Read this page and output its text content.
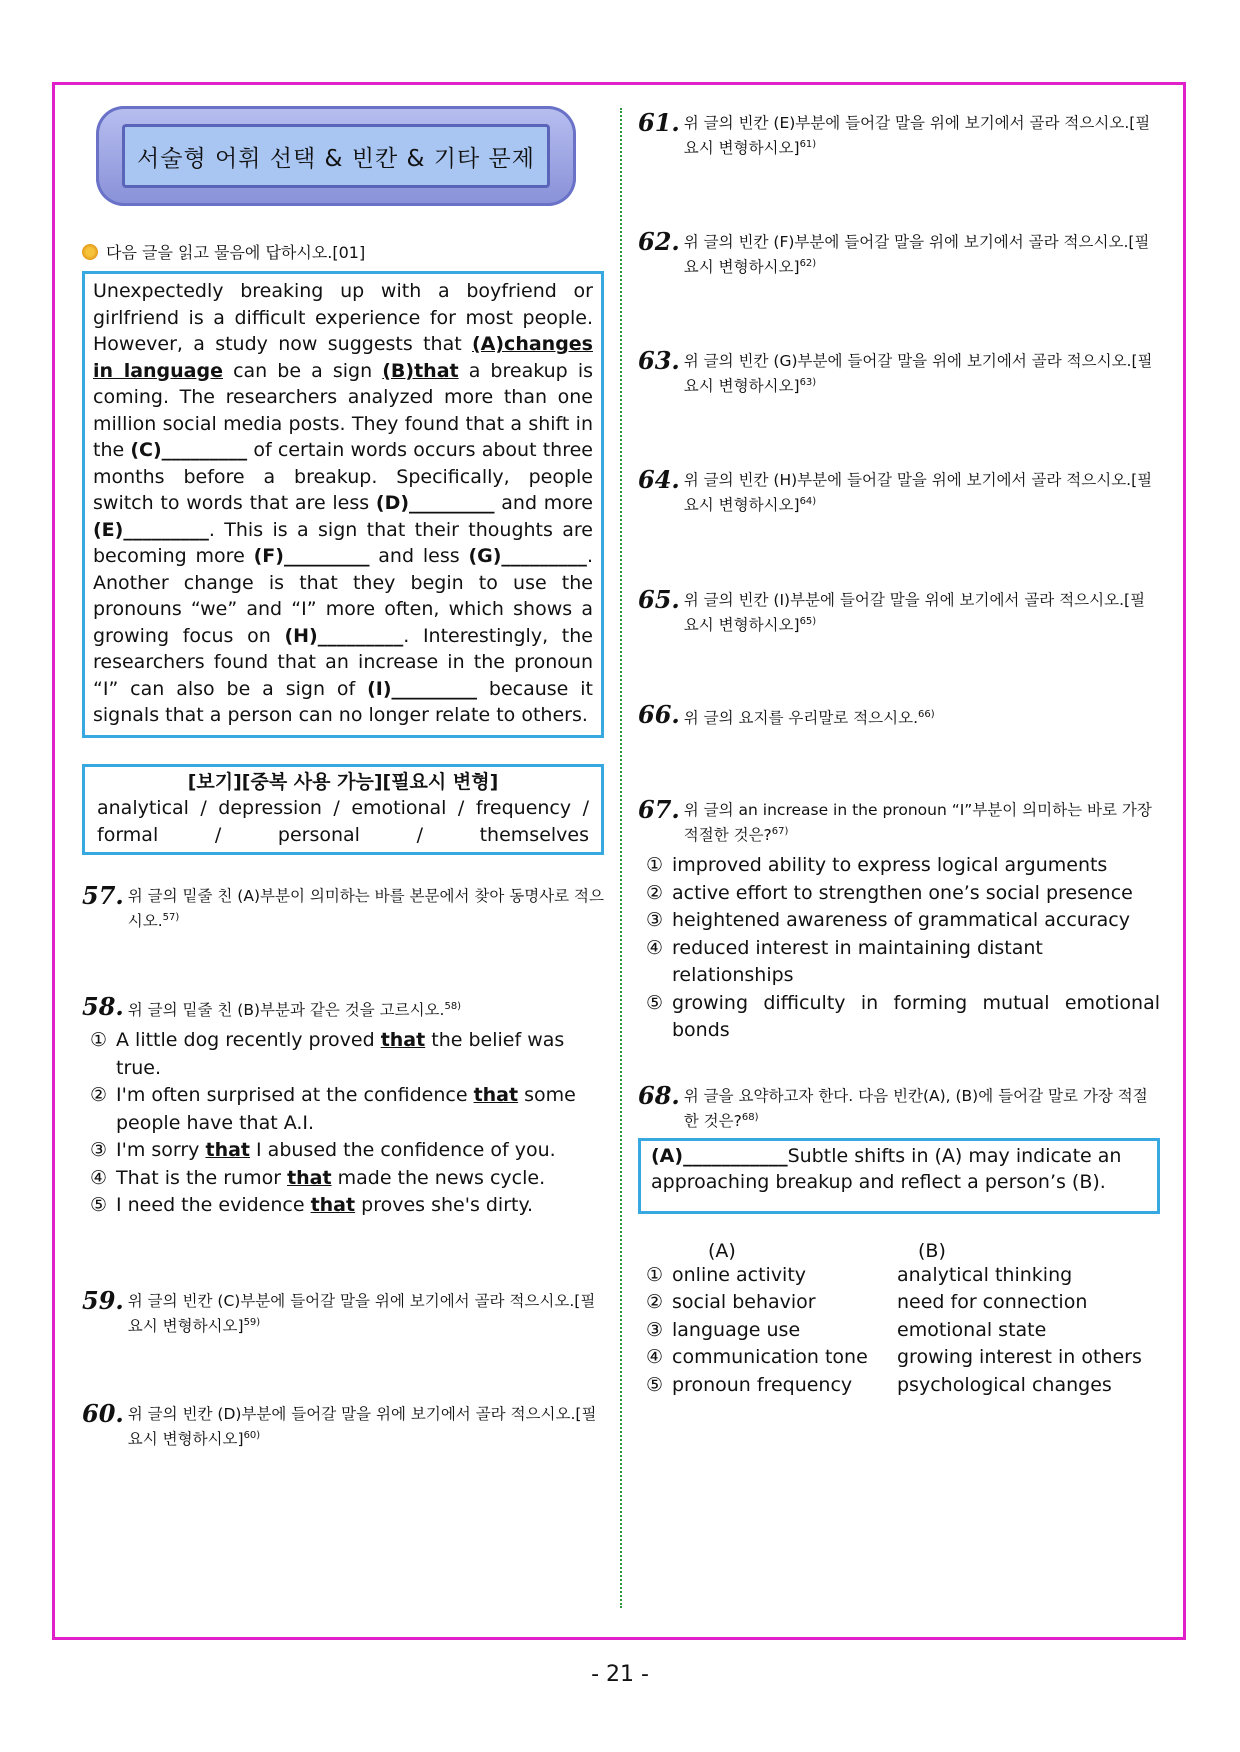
서술형 어휘 선택 & 빈칸 & 기타 문제
다음 글을 읽고 물음에 답하시오.[01]
Unexpectedly breaking up with a boyfriend or girlfriend is a difficult experience for most people. However, a study now suggests that (A)changes in language can be a sign (B)that a breakup is coming. The researchers analyzed more than one million social media posts. They found that a shift in the (C)_________ of certain words occurs about three months before a breakup. Specifically, people switch to words that are less (D)_________ and more (E)_________. This is a sign that their thoughts are becoming more (F)_________ and less (G)_________. Another change is that they begin to use the pronouns “we” and “I” more often, which shows a growing focus on (H)_________. Interestingly, the researchers found that an increase in the pronoun “I” can also be a sign of (I)_________ because it signals that a person can no longer relate to others.
[보기][중복 사용 가능][필요시 변형]
analytical / depression / emotional / frequency / formal / personal / themselves
57. 위 글의 밑줄 친 (A)부분이 의미하는 바를 본문에서 찾아 동명사로 적으시오.$^{57)}$
58. 위 글의 밑줄 친 (B)부분과 같은 것을 고르시오.$^{58)}$
① A little dog recently proved that the belief was true.
② I'm often surprised at the confidence that some people have that A.I.
③ I'm sorry that I abused the confidence of you.
④ That is the rumor that made the news cycle.
⑤ I need the evidence that proves she's dirty.
59. 위 글의 빈칸 (C)부분에 들어갈 말을 위에 보기에서 골라 적으시오.[필요시 변형하시오]$^{59)}$
60. 위 글의 빈칸 (D)부분에 들어갈 말을 위에 보기에서 골라 적으시오.[필요시 변형하시오]$^{60)}$
61. 위 글의 빈칸 (E)부분에 들어갈 말을 위에 보기에서 골라 적으시오.[필요시 변형하시오]$^{61)}$
62. 위 글의 빈칸 (F)부분에 들어갈 말을 위에 보기에서 골라 적으시오.[필요시 변형하시오]$^{62)}$
63. 위 글의 빈칸 (G)부분에 들어갈 말을 위에 보기에서 골라 적으시오.[필요시 변형하시오]$^{63)}$
64. 위 글의 빈칸 (H)부분에 들어갈 말을 위에 보기에서 골라 적으시오.[필요시 변형하시오]$^{64)}$
65. 위 글의 빈칸 (I)부분에 들어갈 말을 위에 보기에서 골라 적으시오.[필요시 변형하시오]$^{65)}$
66. 위 글의 요지를 우리말로 적으시오.$^{66)}$
67. 위 글의 an increase in the pronoun “I”부분이 의미하는 바로 가장 적절한 것은?$^{67)}$
① improved ability to express logical arguments
② active effort to strengthen one’s social presence
③ heightened awareness of grammatical accuracy
④ reduced interest in maintaining distant relationships
⑤ growing difficulty in forming mutual emotional bonds
68. 위 글을 요약하고자 한다. 다음 빈칸(A), (B)에 들어갈 말로 가장 적절한 것은?$^{68)}$
(A)___________Subtle shifts in (A) may indicate an approaching breakup and reflect a person’s (B).
(A)	(B)
① online activity	analytical thinking
② social behavior	need for connection
③ language use	emotional state
④ communication tone	growing interest in others
⑤ pronoun frequency	psychological changes
- 21 -
